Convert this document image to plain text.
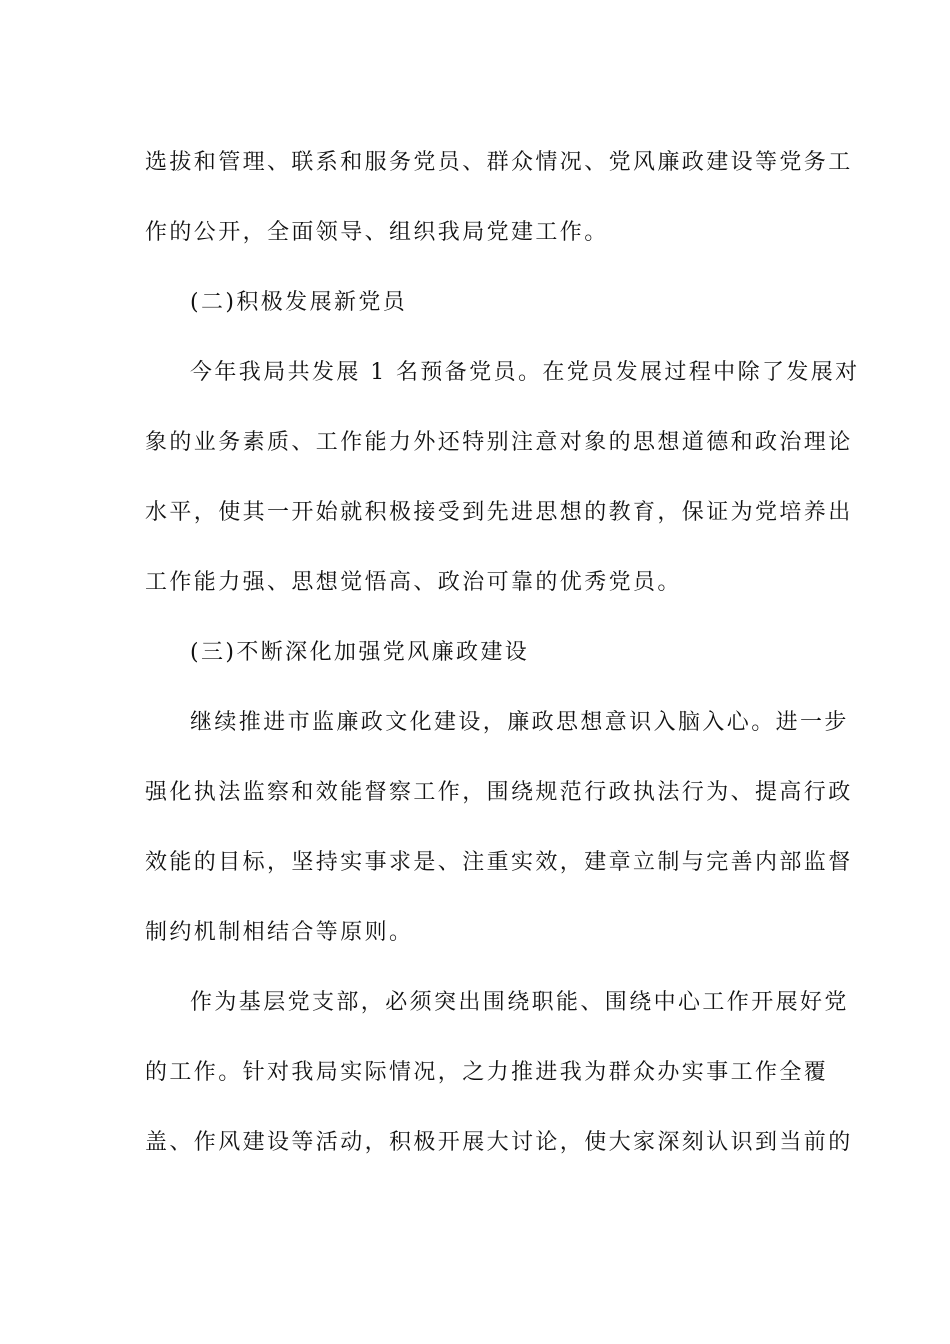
选拔和管理、联系和服务党员、群众情况、党风廉政建设等党务工
作的公开，全面领导、组织我局党建工作。
(二)积极发展新党员
今年我局共发展 1 名预备党员。在党员发展过程中除了发展对
象的业务素质、工作能力外还特别注意对象的思想道德和政治理论
水平，使其一开始就积极接受到先进思想的教育，保证为党培养出
工作能力强、思想觉悟高、政治可靠的优秀党员。
(三)不断深化加强党风廉政建设
继续推进市监廉政文化建设，廉政思想意识入脑入心。进一步
强化执法监察和效能督察工作，围绕规范行政执法行为、提高行政
效能的目标，坚持实事求是、注重实效，建章立制与完善内部监督
制约机制相结合等原则。
作为基层党支部，必须突出围绕职能、围绕中心工作开展好党
的工作。针对我局实际情况，之力推进我为群众办实事工作全覆
盖、作风建设等活动，积极开展大讨论，使大家深刻认识到当前的
